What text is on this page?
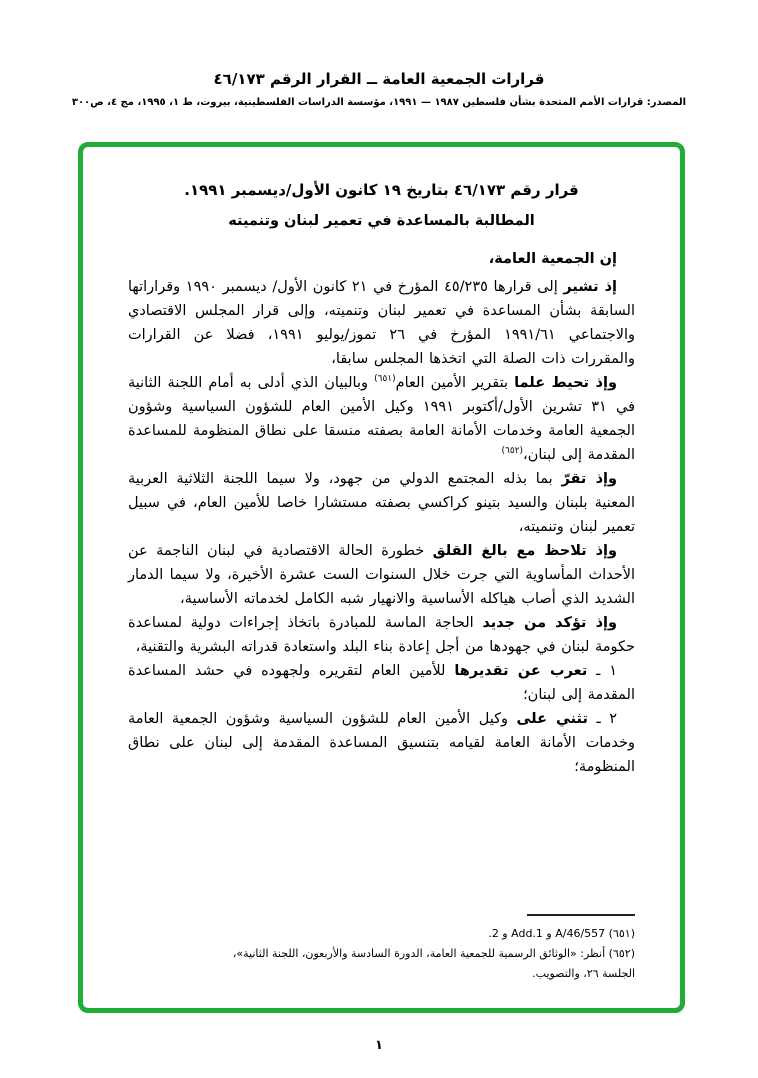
قرارات الجمعية العامة ــ القرار الرقم ٤٦/١٧٣
المصدر: قرارات الأمم المتحدة بشأن فلسطين ١٩٨٧ — ١٩٩١، مؤسسة الدراسات الفلسطينية، بيروت، ط ١، ١٩٩٥، مج ٤، ص٣٠٠
قرار رقم ٤٦/١٧٣ بتاريخ ١٩ كانون الأول/ديسمبر ١٩٩١.
المطالبة بالمساعدة في تعمير لبنان وتنميته

إن الجمعية العامة،

إذ تشير إلى قرارها ٤٥/٢٣٥ المؤرخ في ٢١ كانون الأول/ ديسمبر ١٩٩٠ وقراراتها السابقة بشأن المساعدة في تعمير لبنان وتنميته، وإلى قرار المجلس الاقتصادي والاجتماعي ١٩٩١/٦١ المؤرخ في ٢٦ تموز/يوليو ١٩٩١، فضلا عن القرارات والمقررات ذات الصلة التي اتخذها المجلس سابقا،

وإذ تحيط علما بتقرير الأمين العام$^{(٦٥١)}$ وبالبيان الذي أدلى به أمام اللجنة الثانية في ٣١ تشرين الأول/أكتوبر ١٩٩١ وكيل الأمين العام للشؤون السياسية وشؤون الجمعية العامة وخدمات الأمانة العامة بصفته منسقا على نطاق المنظومة للمساعدة المقدمة إلى لبنان،$^{(٦٥٢)}$

وإذ تقرّ بما بذله المجتمع الدولي من جهود، ولا سيما اللجنة الثلاثية العربية المعنية بلبنان والسيد بتينو كراكسي بصفته مستشارا خاصا للأمين العام، في سبيل تعمير لبنان وتنميته،

وإذ تلاحظ مع بالغ القلق خطورة الحالة الاقتصادية في لبنان الناجمة عن الأحداث المأساوية التي جرت خلال السنوات الست عشرة الأخيرة، ولا سيما الدمار الشديد الذي أصاب هياكله الأساسية والانهيار شبه الكامل لخدماته الأساسية،

وإذ تؤكد من جديد الحاجة الماسة للمبادرة باتخاذ إجراءات دولية لمساعدة حكومة لبنان في جهودها من أجل إعادة بناء البلد واستعادة قدراته البشرية والتقنية،

١ ـ تعرب عن تقديرها للأمين العام لتقريره ولجهوده في حشد المساعدة المقدمة إلى لبنان؛

٢ ـ تثني على وكيل الأمين العام للشؤون السياسية وشؤون الجمعية العامة وخدمات الأمانة العامة لقيامه بتنسيق المساعدة المقدمة إلى لبنان على نطاق المنظومة؛

(٦٥١) A/46/557 و Add.1 و 2.

(٦٥٢) أنظر: «الوثائق الرسمية للجمعية العامة، الدورة السادسة والأربعون، اللجنة الثانية»، الجلسة ٢٦، والتصويب.

١
